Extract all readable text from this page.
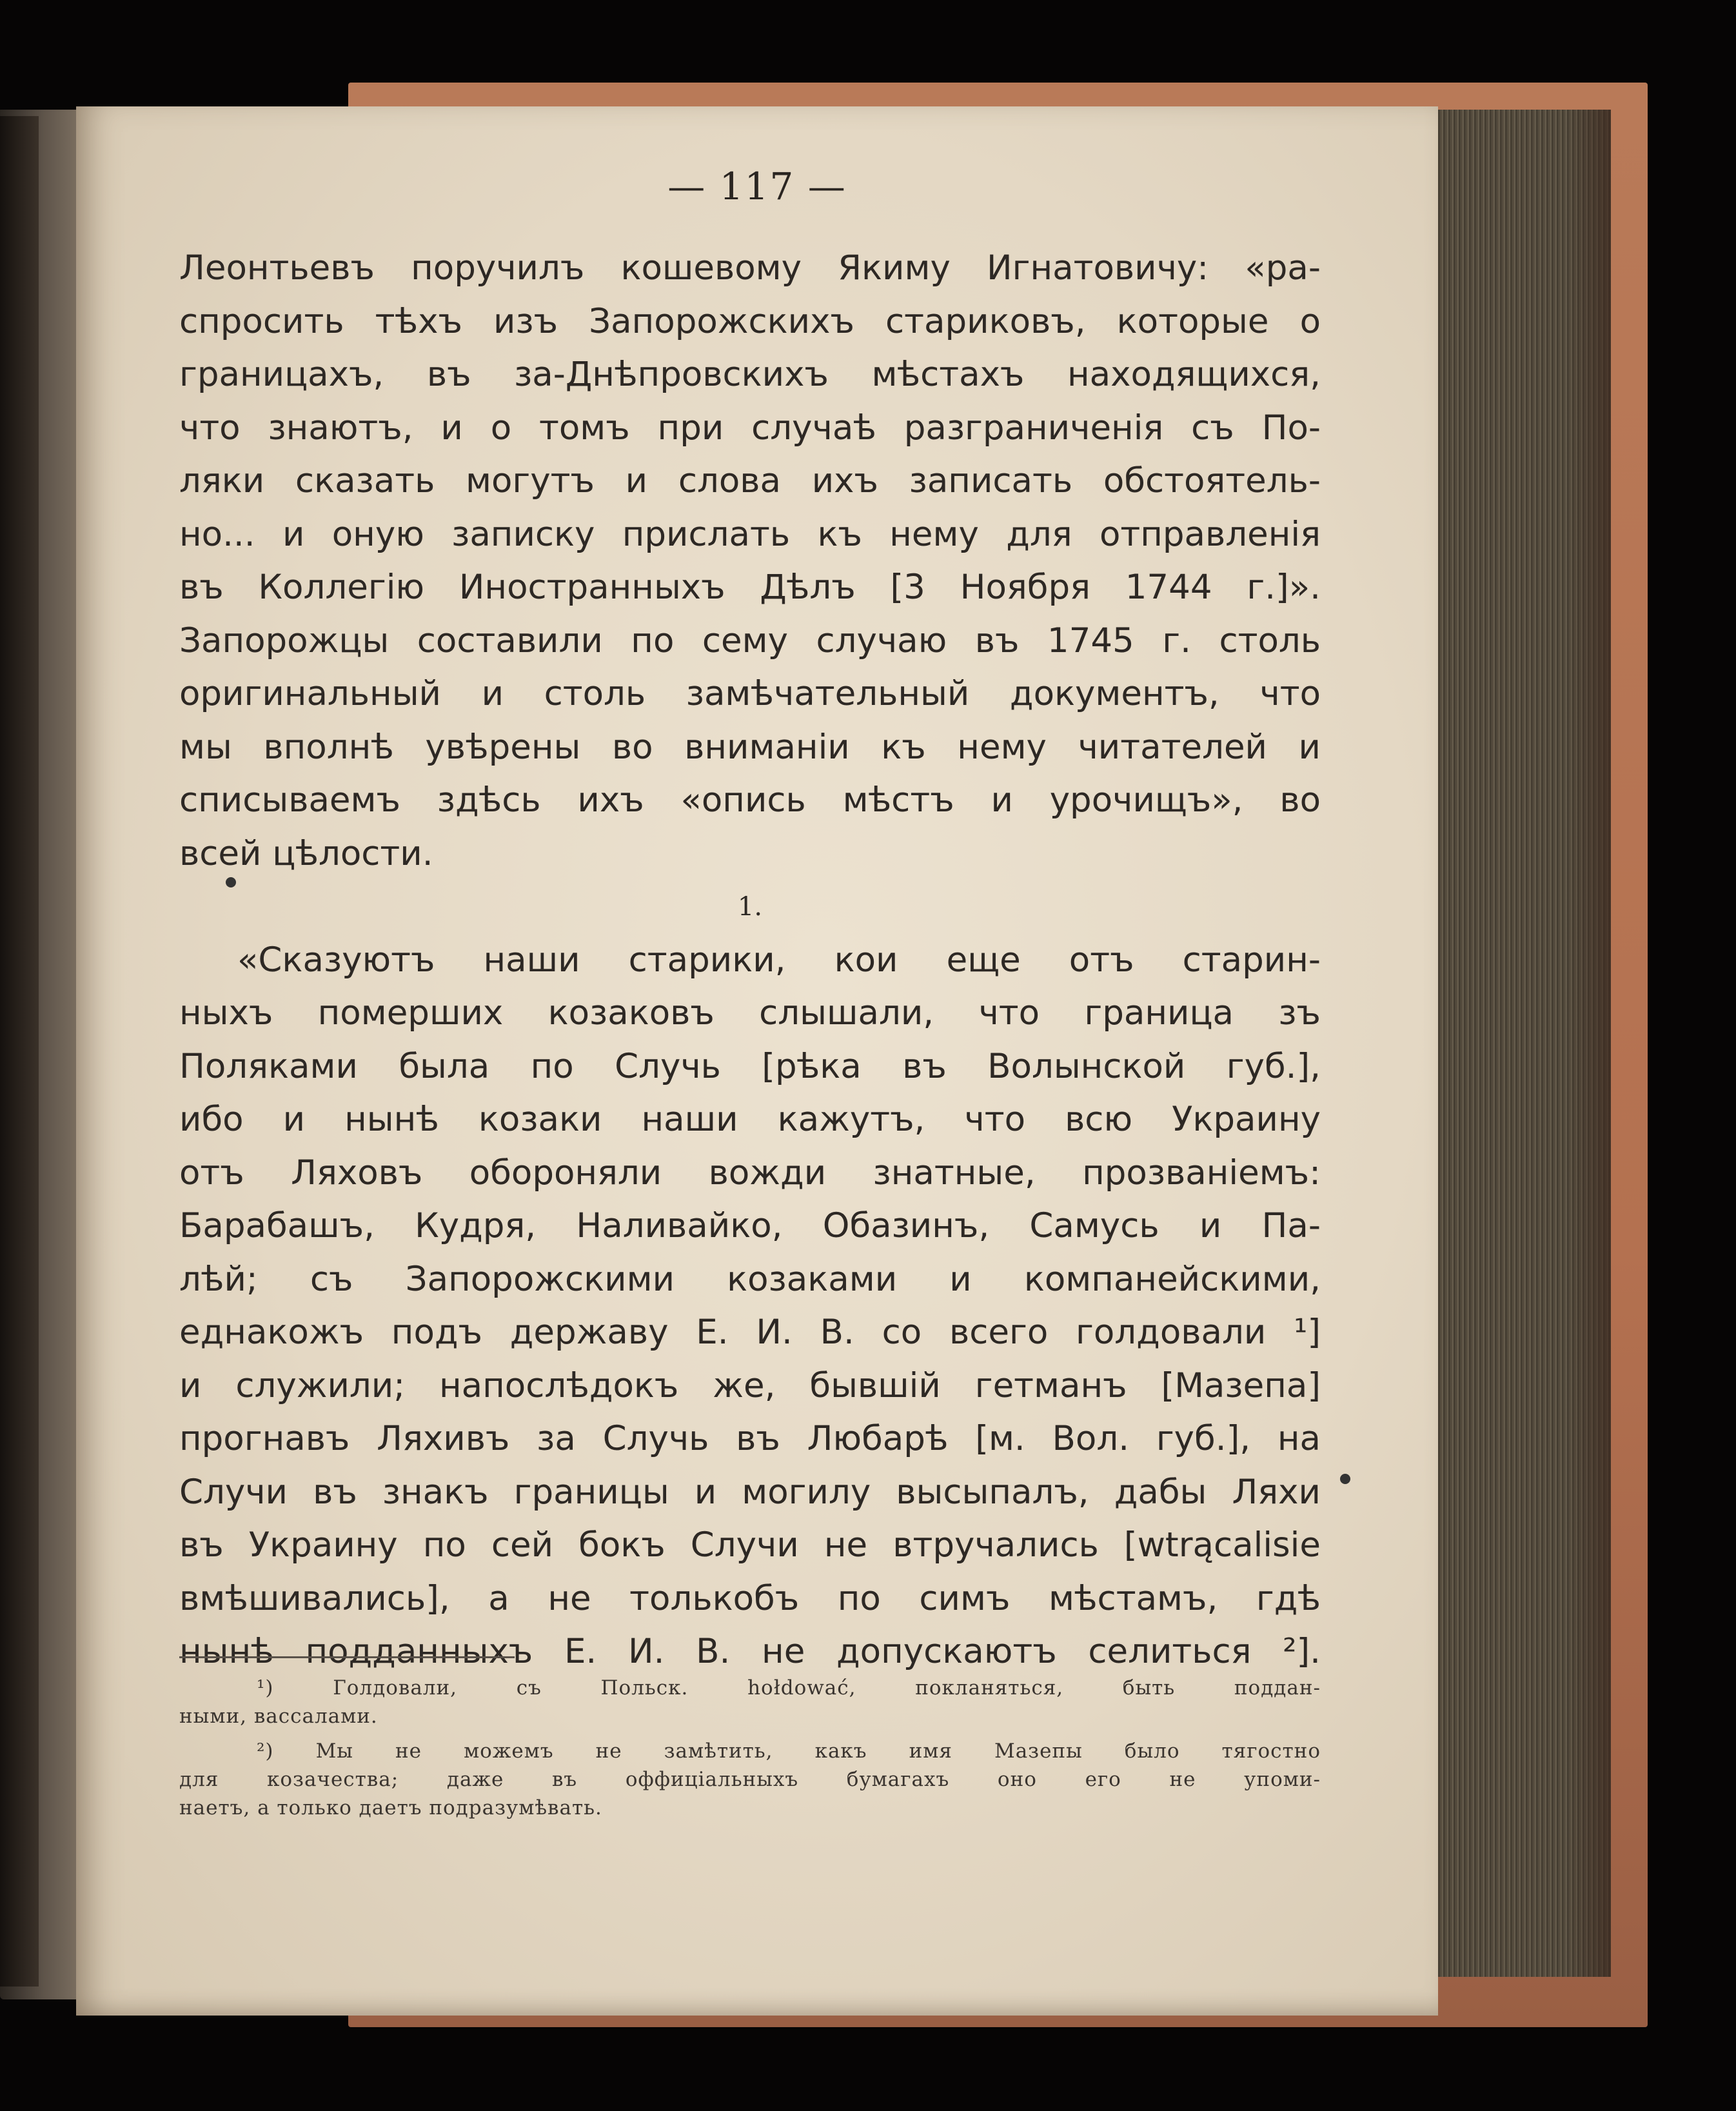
— 117 —
Леонтьевъ поручилъ кошевому Якиму Игнатовичу: «ра-
спросить тѣхъ изъ Запорожскихъ стариковъ, которые о
границахъ, въ за-Днѣпровскихъ мѣстахъ находящихся,
что знаютъ, и о томъ при случаѣ разграниченія съ По-
ляки сказать могутъ и слова ихъ записать обстоятель-
но... и оную записку прислать къ нему для отправленія
въ Коллегію Иностранныхъ Дѣлъ [3 Ноября 1744 г.]».
Запорожцы составили по сему случаю въ 1745 г. столь
оригинальный и столь замѣчательный документъ, что
мы вполнѣ увѣрены во вниманіи къ нему читателей и
списываемъ здѣсь ихъ «опись мѣстъ и урочищъ», во
всей цѣлости.
1.
«Сказуютъ наши старики, кои еще отъ старин-
ныхъ померших козаковъ слышали, что граница зъ
Поляками была по Случь [рѣка въ Волынской губ.],
ибо и нынѣ козаки наши кажутъ, что всю Украину
отъ Ляховъ обороняли вожди знатные, прозваніемъ:
Барабашъ, Кудря, Наливайко, Обазинъ, Самусь и Па-
лѣй; съ Запорожскими козаками и компанейскими,
еднакожъ подъ державу Е. И. В. со всего голдовали ¹]
и служили; напослѣдокъ же, бывшій гетманъ [Мазепа]
прогнавъ Ляхивъ за Случь въ Любарѣ [м. Вол. губ.], на
Случи въ знакъ границы и могилу высыпалъ, дабы Ляхи
въ Украину по сей бокъ Случи не втручались [wtrącalisie
вмѣшивались], а не толькобъ по симъ мѣстамъ, гдѣ
нынѣ подданныхъ Е. И. В. не допускаютъ селиться ²].
¹) Голдовали, съ Польск. hołdować, покланяться, быть поддан-
ными, вассалами.
²) Мы не можемъ не замѣтить, какъ имя Мазепы было тягостно
для козачества; даже въ оффиціальныхъ бумагахъ оно его не упоми-
наетъ, а только даетъ подразумѣвать.
